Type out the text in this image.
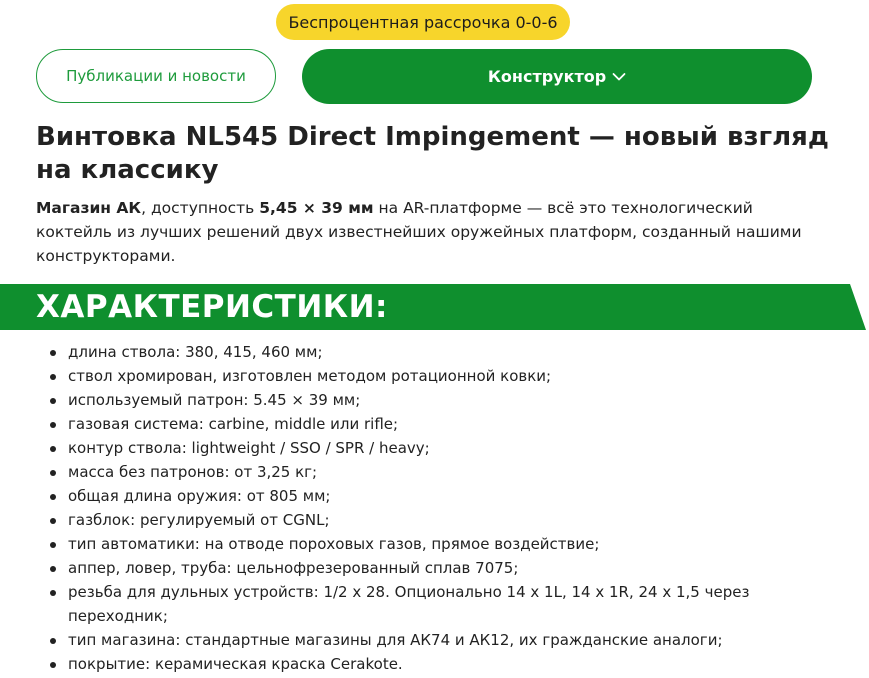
Беспроцентная рассрочка 0-0-6
Публикации и новости	Конструктор
Винтовка NL545 Direct Impingement — новый взгляд на классику

Магазин АК, доступность 5,45 × 39 мм на AR-платформе — всё это технологический коктейль из лучших решений двух известнейших оружейных платформ, созданный нашими конструкторами.

ХАРАКТЕРИСТИКИ:
длина ствола: 380, 415, 460 мм;
ствол хромирован, изготовлен методом ротационной ковки;
используемый патрон: 5.45 × 39 мм;
газовая система: carbine, middle или rifle;
контур ствола: lightweight / SSO / SPR / heavy;
масса без патронов: от 3,25 кг;
общая длина оружия: от 805 мм;
газблок: регулируемый от CGNL;
тип автоматики: на отводе пороховых газов, прямое воздействие;
аппер, ловер, труба: цельнофрезерованный сплав 7075;
резьба для дульных устройств: 1/2 x 28. Опционально 14 x 1L, 14 x 1R, 24 x 1,5 через переходник;
тип магазина: стандартные магазины для АК74 и АК12, их гражданские аналоги;
покрытие: керамическая краска Cerakote.
